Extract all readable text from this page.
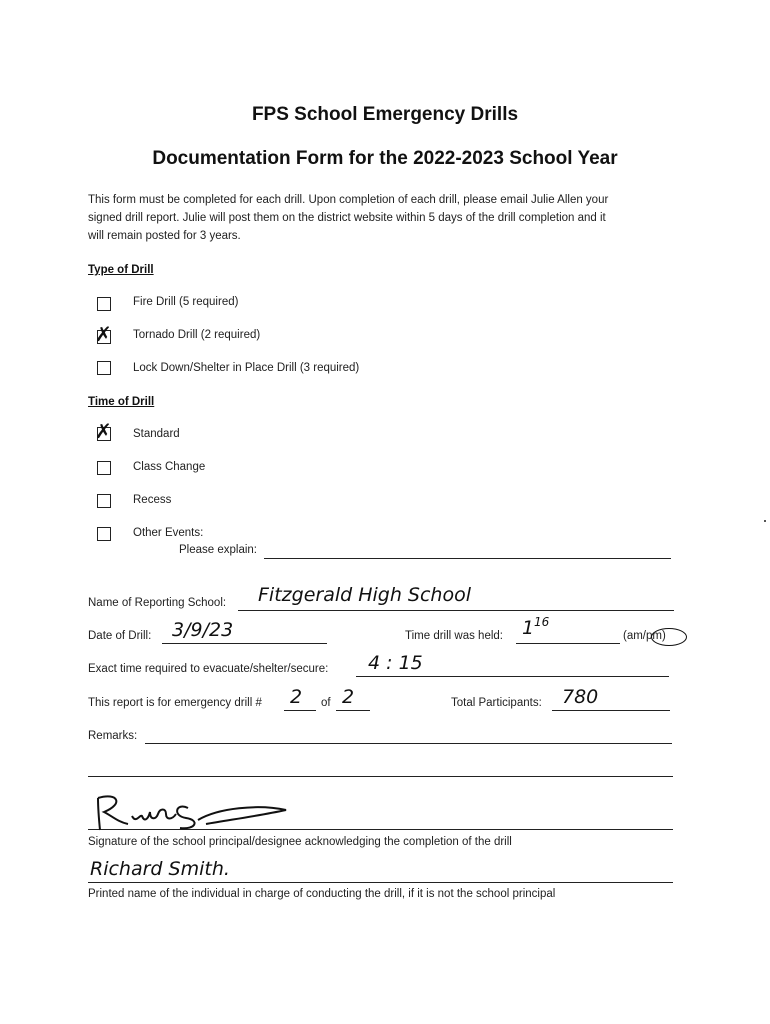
FPS School Emergency Drills
Documentation Form for the 2022-2023 School Year
This form must be completed for each drill. Upon completion of each drill, please email Julie Allen your
signed drill report. Julie will post them on the district website within 5 days of the drill completion and it
will remain posted for 3 years.
Type of Drill
Fire Drill (5 required)
✗ Tornado Drill (2 required)
Lock Down/Shelter in Place Drill (3 required)
Time of Drill
✗ Standard
Class Change
Recess
Other Events:
Please explain:
Name of Reporting School: Fitzgerald High School
Date of Drill: 3/9/23	Time drill was held: 1 16
(am/pm)
Exact time required to evacuate/shelter/secure: 4 : 15
This report is for emergency drill # 2 of 2	Total Participants: 780
Remarks:
Signature of the school principal/designee acknowledging the completion of the drill
Richard Smith.
Printed name of the individual in charge of conducting the drill, if it is not the school principal
